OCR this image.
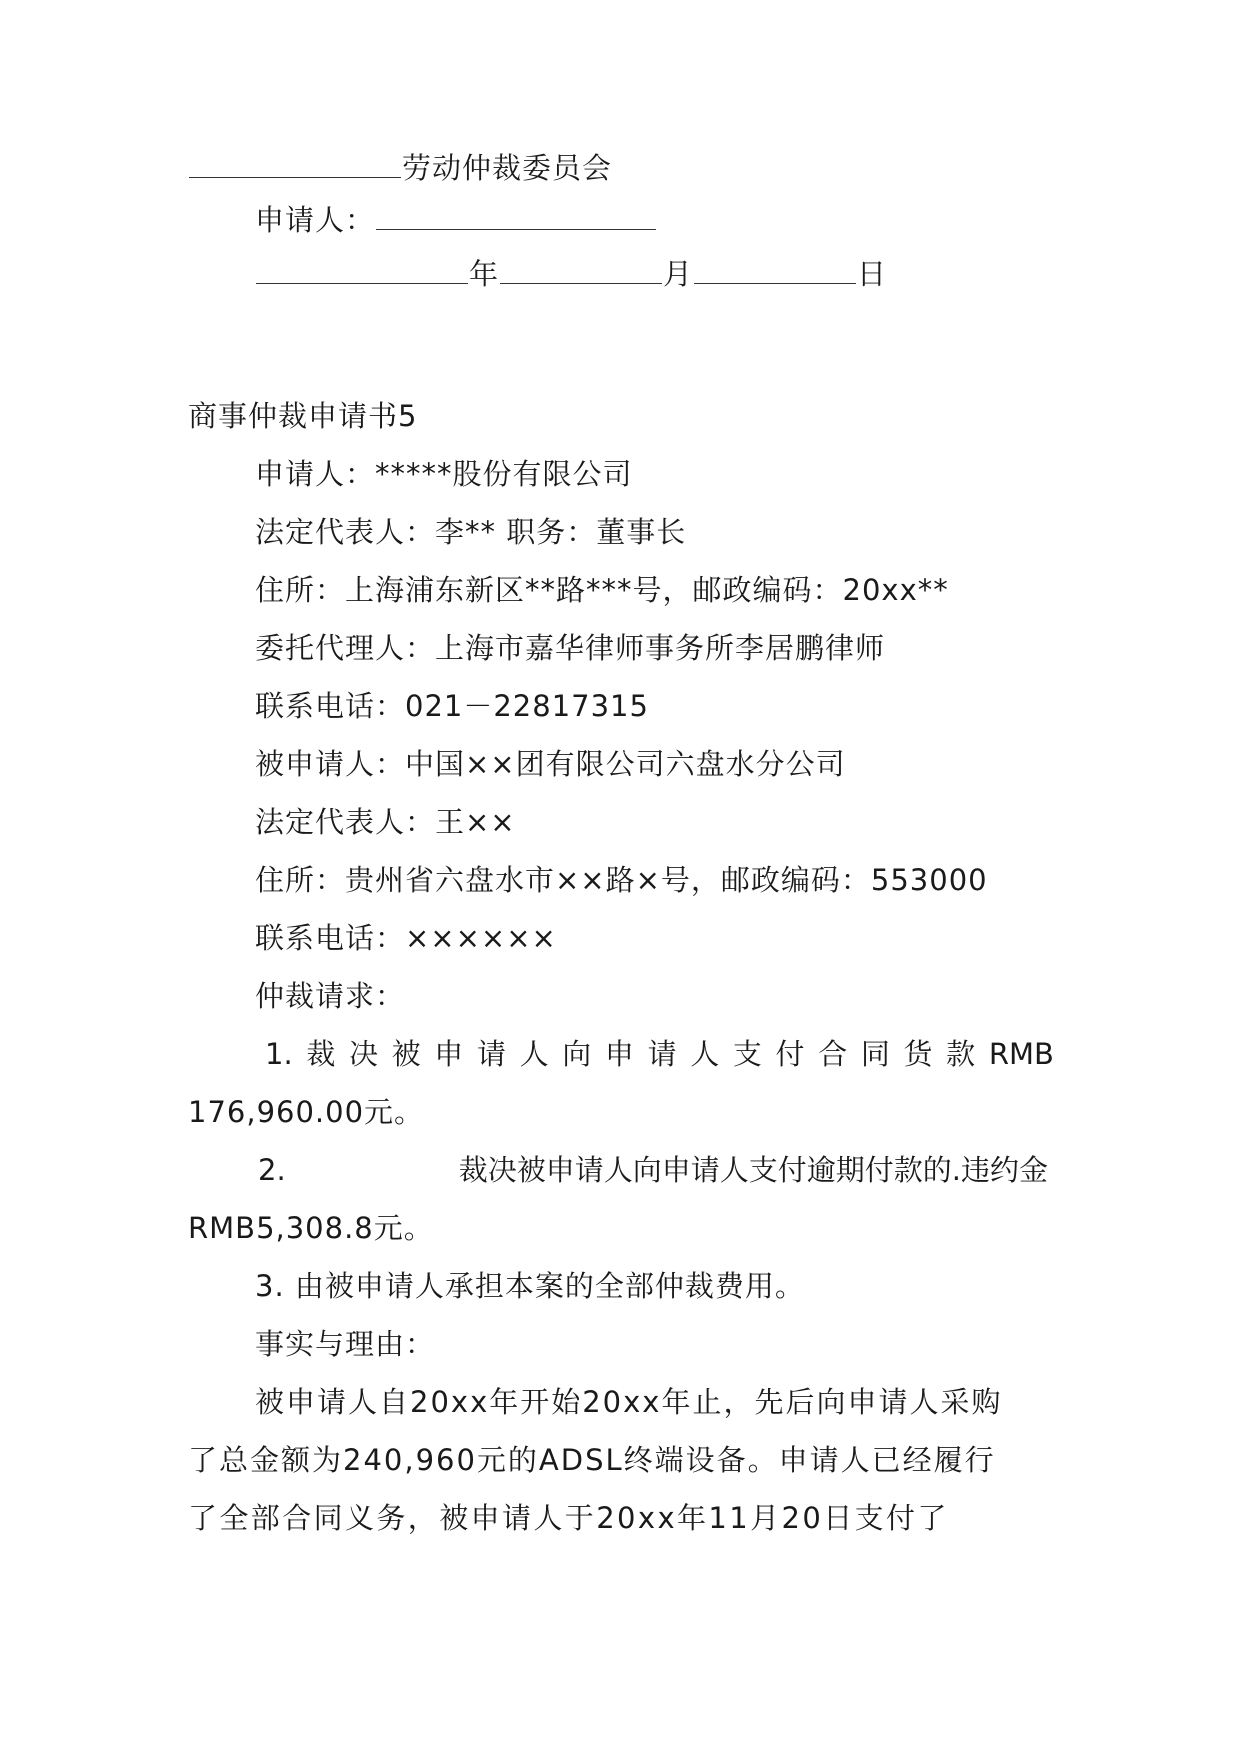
劳动仲裁委员会
申请人：
年	月	日
商事仲裁申请书5
申请人：*****股份有限公司
法定代表人：李** 职务：董事长
住所：上海浦东新区**路***号，邮政编码：20xx**
委托代理人：上海市嘉华律师事务所李居鹏律师
联系电话：021－22817315
被申请人：中国××团有限公司六盘水分公司
法定代表人：王××
住所：贵州省六盘水市××路×号，邮政编码：553000
联系电话：××××××
仲裁请求：
1. 裁 决 被 申 请 人 向 申 请 人 支 付 合 同 货 款 RMB
176,960.00元。
2.	裁决被申请人向申请人支付逾期付款的.违约金
RMB5,308.8元。
3. 由被申请人承担本案的全部仲裁费用。
事实与理由：
被申请人自20xx年开始20xx年止，先后向申请人采购
了总金额为240,960元的ADSL终端设备。申请人已经履行
了全部合同义务，被申请人于20xx年11月20日支付了
